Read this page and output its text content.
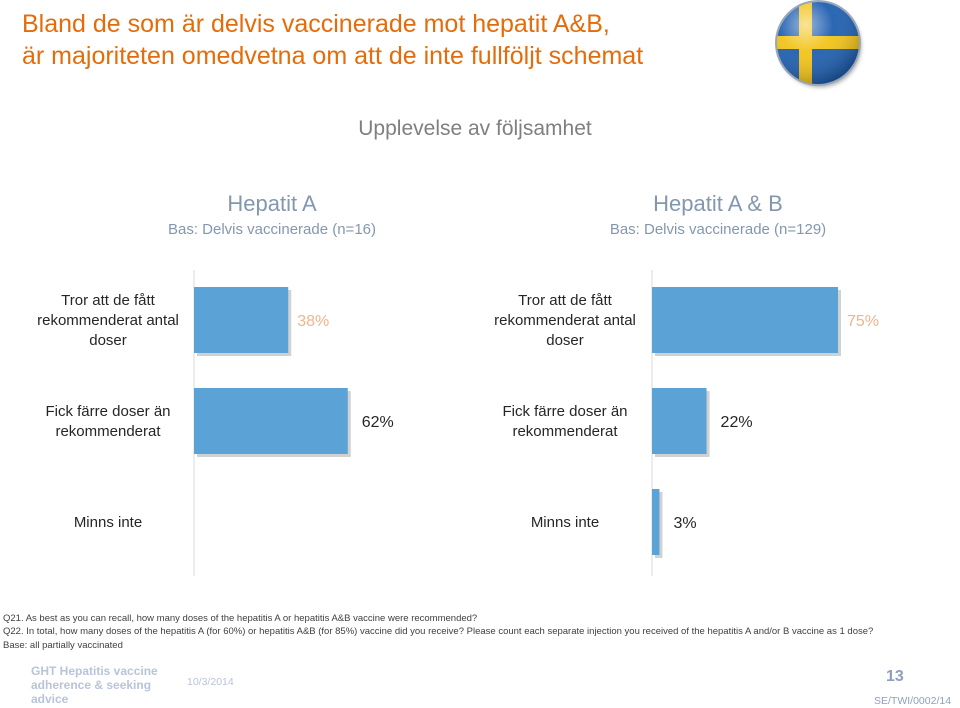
Bland de som är delvis vaccinerade mot hepatit A&B,
är majoriteten omedvetna om att de inte fullföljt schemat
Upplevelse av följsamhet
Hepatit A
Bas: Delvis vaccinerade (n=16)
Hepatit A & B
Bas: Delvis vaccinerade (n=129)
Tror att de fått rekommenderat antal doser
38%
Fick färre doser än rekommenderat
62%
Minns inte
Tror att de fått rekommenderat antal doser
75%
Fick färre doser än rekommenderat
22%
Minns inte	3%
Q21. As best as you can recall, how many doses of the hepatitis A or hepatitis A&B vaccine were recommended?
Q22. In total, how many doses of the hepatitis A (for 60%) or hepatitis A&B (for 85%) vaccine did you receive? Please count each separate injection you received of the hepatitis A and/or B vaccine as 1 dose?
Base: all partially vaccinated
GHT Hepatitis vaccine
adherence & seeking
advice
10/3/2014	13
SE/TWI/0002/14
